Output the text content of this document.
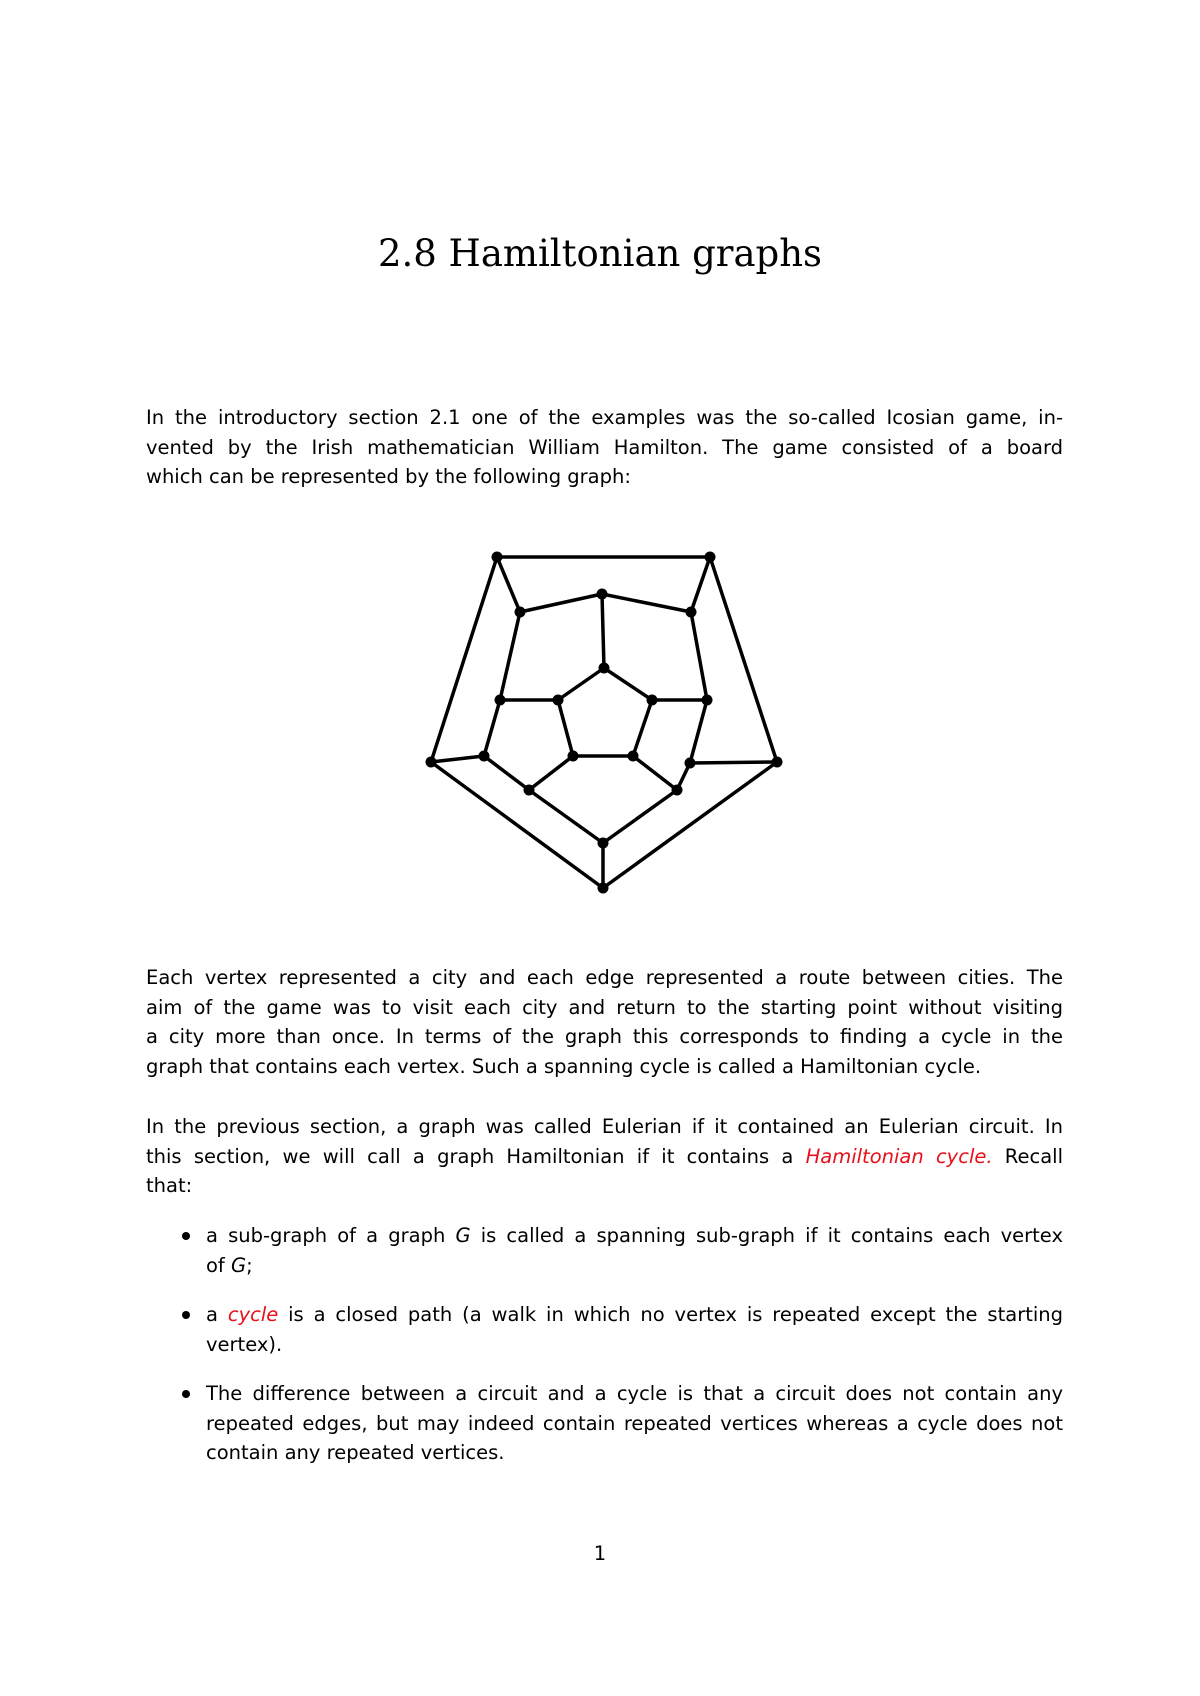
2.8 Hamiltonian graphs

In the introductory section 2.1 one of the examples was the so-called Icosian game, in-
vented by the Irish mathematician William Hamilton. The game consisted of a board
which can be represented by the following graph:

Each vertex represented a city and each edge represented a route between cities. The
aim of the game was to visit each city and return to the starting point without visiting
a city more than once. In terms of the graph this corresponds to finding a cycle in the
graph that contains each vertex. Such a spanning cycle is called a Hamiltonian cycle.

In the previous section, a graph was called Eulerian if it contained an Eulerian circuit. In
this section, we will call a graph Hamiltonian if it contains a Hamiltonian cycle. Recall
that:

a sub-graph of a graph G is called a spanning sub-graph if it contains each vertex
of G;
a cycle is a closed path (a walk in which no vertex is repeated except the starting
vertex).
The difference between a circuit and a cycle is that a circuit does not contain any
repeated edges, but may indeed contain repeated vertices whereas a cycle does not
contain any repeated vertices.
1
